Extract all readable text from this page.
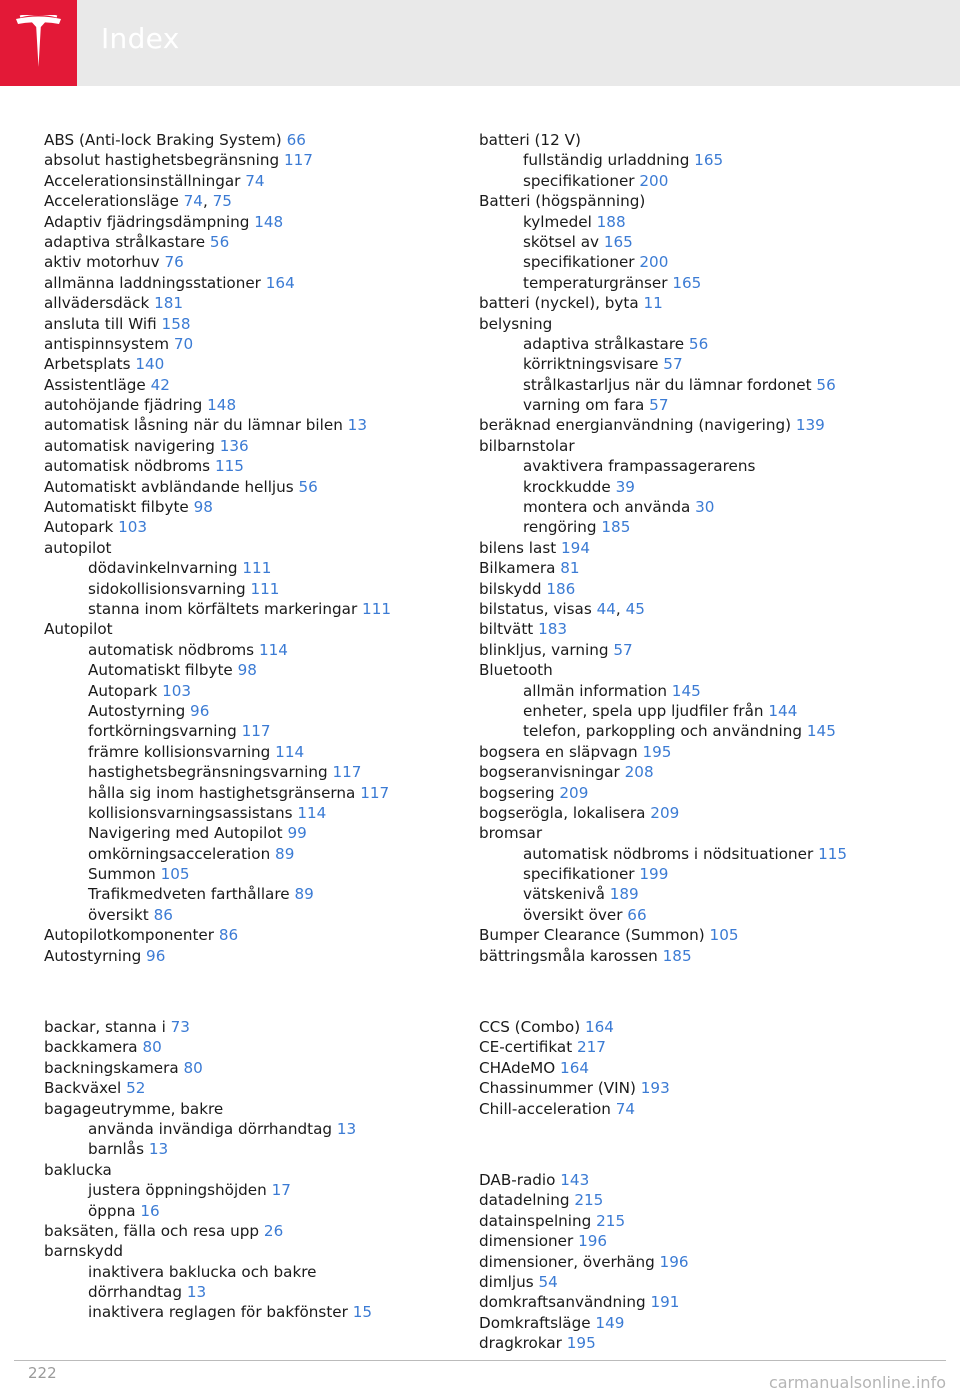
Index
ABS (Anti-lock Braking System) 66
absolut hastighetsbegränsning 117
Accelerationsinställningar 74
Accelerationsläge 74, 75
Adaptiv fjädringsdämpning 148
adaptiva strålkastare 56
aktiv motorhuv 76
allmänna laddningsstationer 164
allvädersdäck 181
ansluta till Wifi 158
antispinnsystem 70
Arbetsplats 140
Assistentläge 42
autohöjande fjädring 148
automatisk låsning när du lämnar bilen 13
automatisk navigering 136
automatisk nödbroms 115
Automatiskt avbländande helljus 56
Automatiskt filbyte 98
Autopark 103
autopilot
dödavinkelnvarning 111
sidokollisionsvarning 111
stanna inom körfältets markeringar 111
Autopilot
automatisk nödbroms 114
Automatiskt filbyte 98
Autopark 103
Autostyrning 96
fortkörningsvarning 117
främre kollisionsvarning 114
hastighetsbegränsningsvarning 117
hålla sig inom hastighetsgränserna 117
kollisionsvarningsassistans 114
Navigering med Autopilot 99
omkörningsacceleration 89
Summon 105
Trafikmedveten farthållare 89
översikt 86
Autopilotkomponenter 86
Autostyrning 96
backar, stanna i 73
backkamera 80
backningskamera 80
Backväxel 52
bagageutrymme, bakre
använda invändiga dörrhandtag 13
barnlås 13
baklucka
justera öppningshöjden 17
öppna 16
baksäten, fälla och resa upp 26
barnskydd
inaktivera baklucka och bakre
dörrhandtag 13
inaktivera reglagen för bakfönster 15
batteri (12 V)
fullständig urladdning 165
specifikationer 200
Batteri (högspänning)
kylmedel 188
skötsel av 165
specifikationer 200
temperaturgränser 165
batteri (nyckel), byta 11
belysning
adaptiva strålkastare 56
körriktningsvisare 57
strålkastarljus när du lämnar fordonet 56
varning om fara 57
beräknad energianvändning (navigering) 139
bilbarnstolar
avaktivera frampassagerarens
krockkudde 39
montera och använda 30
rengöring 185
bilens last 194
Bilkamera 81
bilskydd 186
bilstatus, visas 44, 45
biltvätt 183
blinkljus, varning 57
Bluetooth
allmän information 145
enheter, spela upp ljudfiler från 144
telefon, parkoppling och användning 145
bogsera en släpvagn 195
bogseranvisningar 208
bogsering 209
bogserögla, lokalisera 209
bromsar
automatisk nödbroms i nödsituationer 115
specifikationer 199
vätskenivå 189
översikt över 66
Bumper Clearance (Summon) 105
bättringsmåla karossen 185
CCS (Combo) 164
CE-certifikat 217
CHAdeMO 164
Chassinummer (VIN) 193
Chill-acceleration 74
DAB-radio 143
datadelning 215
datainspelning 215
dimensioner 196
dimensioner, överhäng 196
dimljus 54
domkraftsanvändning 191
Domkraftsläge 149
dragkrokar 195
222	carmanualsonline.info
